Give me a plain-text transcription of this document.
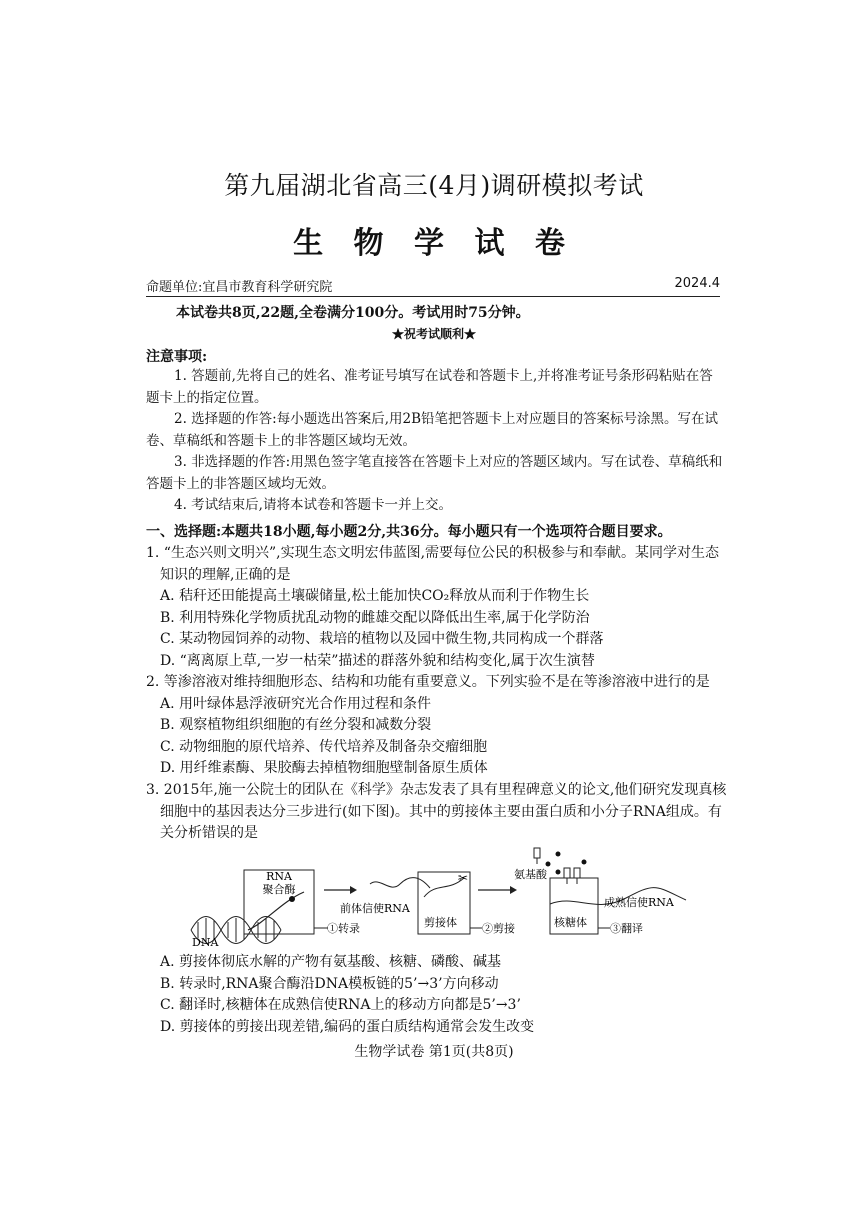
第九届湖北省高三(4月)调研模拟考试
生 物 学 试 卷
命题单位:宜昌市教育科学研究院	2024.4
本试卷共8页,22题,全卷满分100分。考试用时75分钟。
★祝考试顺利★
注意事项:

1. 答题前,先将自己的姓名、准考证号填写在试卷和答题卡上,并将准考证号条形码粘贴在答题卡上的指定位置。

2. 选择题的作答:每小题选出答案后,用2B铅笔把答题卡上对应题目的答案标号涂黑。写在试卷、草稿纸和答题卡上的非答题区域均无效。

3. 非选择题的作答:用黑色签字笔直接答在答题卡上对应的答题区域内。写在试卷、草稿纸和答题卡上的非答题区域均无效。

4. 考试结束后,请将本试卷和答题卡一并上交。

一、选择题:本题共18小题,每小题2分,共36分。每小题只有一个选项符合题目要求。

1. “生态兴则文明兴”,实现生态文明宏伟蓝图,需要每位公民的积极参与和奉献。某同学对生态知识的理解,正确的是

A. 秸秆还田能提高土壤碳储量,松土能加快CO₂释放从而利于作物生长

B. 利用特殊化学物质扰乱动物的雌雄交配以降低出生率,属于化学防治

C. 某动物园饲养的动物、栽培的植物以及园中微生物,共同构成一个群落

D. “离离原上草,一岁一枯荣”描述的群落外貌和结构变化,属于次生演替

2. 等渗溶液对维持细胞形态、结构和功能有重要意义。下列实验不是在等渗溶液中进行的是

A. 用叶绿体悬浮液研究光合作用过程和条件

B. 观察植物组织细胞的有丝分裂和减数分裂

C. 动物细胞的原代培养、传代培养及制备杂交瘤细胞

D. 用纤维素酶、果胶酶去掉植物细胞壁制备原生质体

3. 2015年,施一公院士的团队在《科学》杂志发表了具有里程碑意义的论文,他们研究发现真核细胞中的基因表达分三步进行(如下图)。其中的剪接体主要由蛋白质和小分子RNA组成。有关分析错误的是

RNA
聚合酶
DNA
①转录
前体信使RNA
✂
剪接体 ②剪接
氨基酸
成熟信使RNA
核糖体 ③翻译

A. 剪接体彻底水解的产物有氨基酸、核糖、磷酸、碱基

B. 转录时,RNA聚合酶沿DNA模板链的5’→3’方向移动

C. 翻译时,核糖体在成熟信使RNA上的移动方向都是5’→3’

D. 剪接体的剪接出现差错,编码的蛋白质结构通常会发生改变

生物学试卷 第1页(共8页)
